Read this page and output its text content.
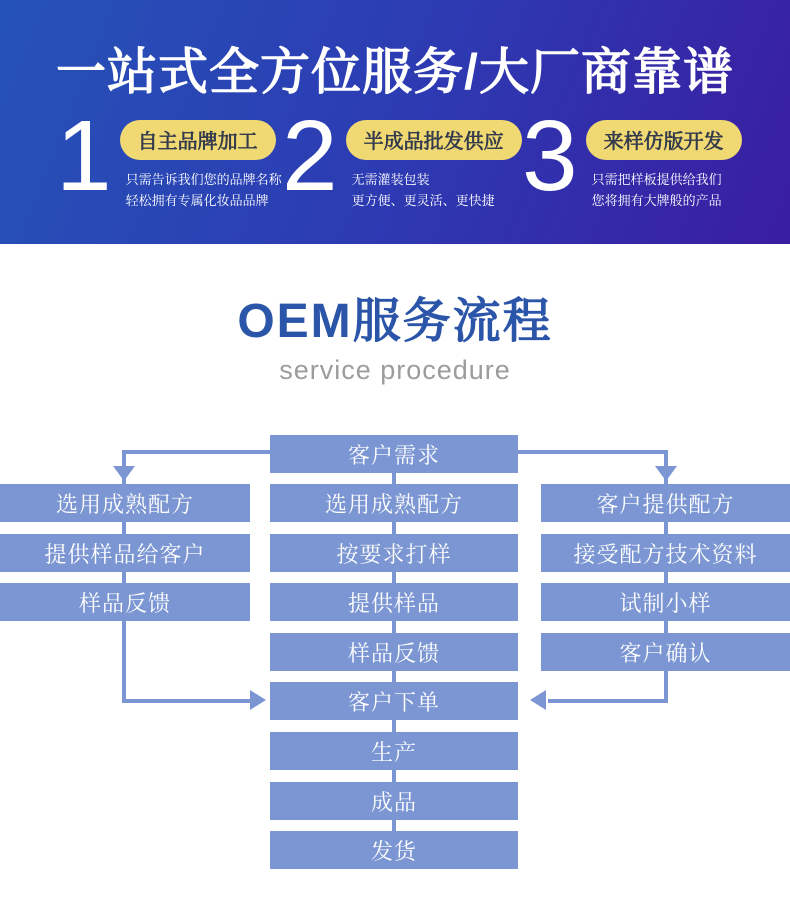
一站式全方位服务/大厂商靠谱
1	自主品牌加工
只需告诉我们您的品牌名称
轻松拥有专属化妆品品牌 2	半成品批发供应
无需灌装包装
更方便、更灵活、更快捷 3	来样仿版开发
只需把样板提供给我们
您将拥有大牌般的产品
OEM服务流程
service procedure
客户需求
选用成熟配方
提供样品给客户
样品反馈
选用成熟配方
按要求打样
提供样品
样品反馈
客户提供配方
接受配方技术资料
试制小样
客户确认
客户下单
生产
成品
发货
